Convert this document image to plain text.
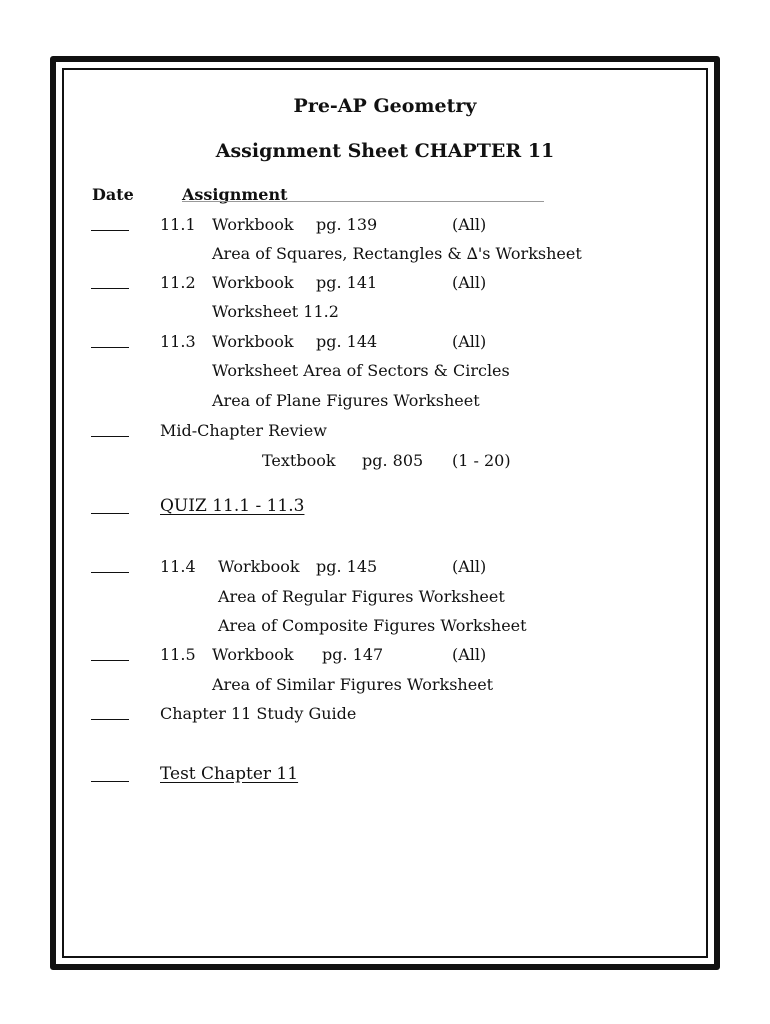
Pre-AP Geometry
Assignment Sheet CHAPTER 11
Date	Assignment
11.1 Workbook pg. 139	(All)
Area of Squares, Rectangles & ∆'s Worksheet
11.2 Workbook pg. 141	(All)
Worksheet 11.2
11.3 Workbook pg. 144	(All)
Worksheet Area of Sectors & Circles
Area of Plane Figures Worksheet
Mid-Chapter Review
Textbook pg. 805 (1 - 20)
QUIZ 11.1 - 11.3
11.4 Workbook pg. 145	(All)
Area of Regular Figures Worksheet
Area of Composite Figures Worksheet
11.5 Workbook pg. 147	(All)
Area of Similar Figures Worksheet
Chapter 11 Study Guide
Test Chapter 11
